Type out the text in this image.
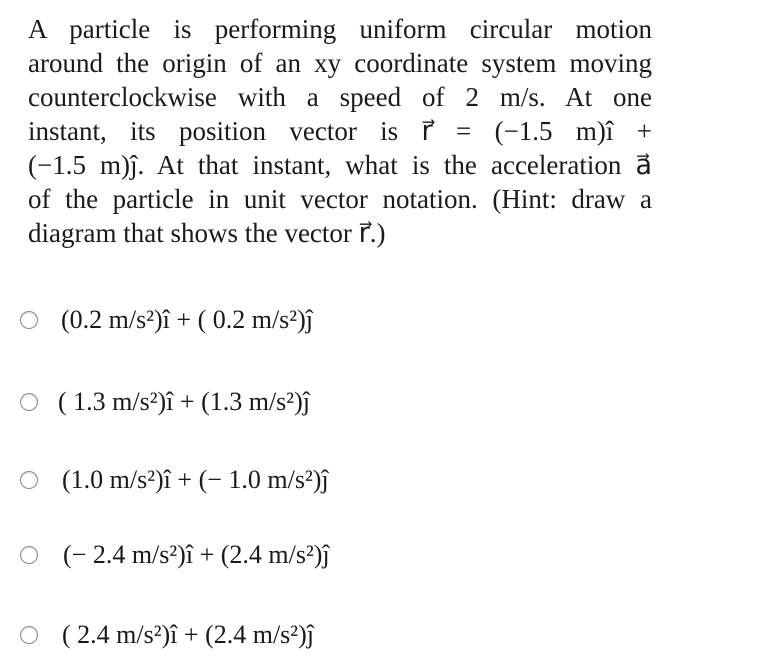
A particle is performing uniform circular motion
around the origin of an xy coordinate system moving
counterclockwise with a speed of 2 m/s. At one
instant, its position vector is r⃗ = (−1.5 m)î +
(−1.5 m)ĵ. At that instant, what is the acceleration a⃗
of the particle in unit vector notation. (Hint: draw a
diagram that shows the vector r⃗.)
(0.2 m/s²)î + ( 0.2 m/s²)ĵ
( 1.3 m/s²)î + (1.3 m/s²)ĵ
(1.0 m/s²)î + (− 1.0 m/s²)ĵ
(− 2.4 m/s²)î + (2.4 m/s²)ĵ
( 2.4 m/s²)î + (2.4 m/s²)ĵ
